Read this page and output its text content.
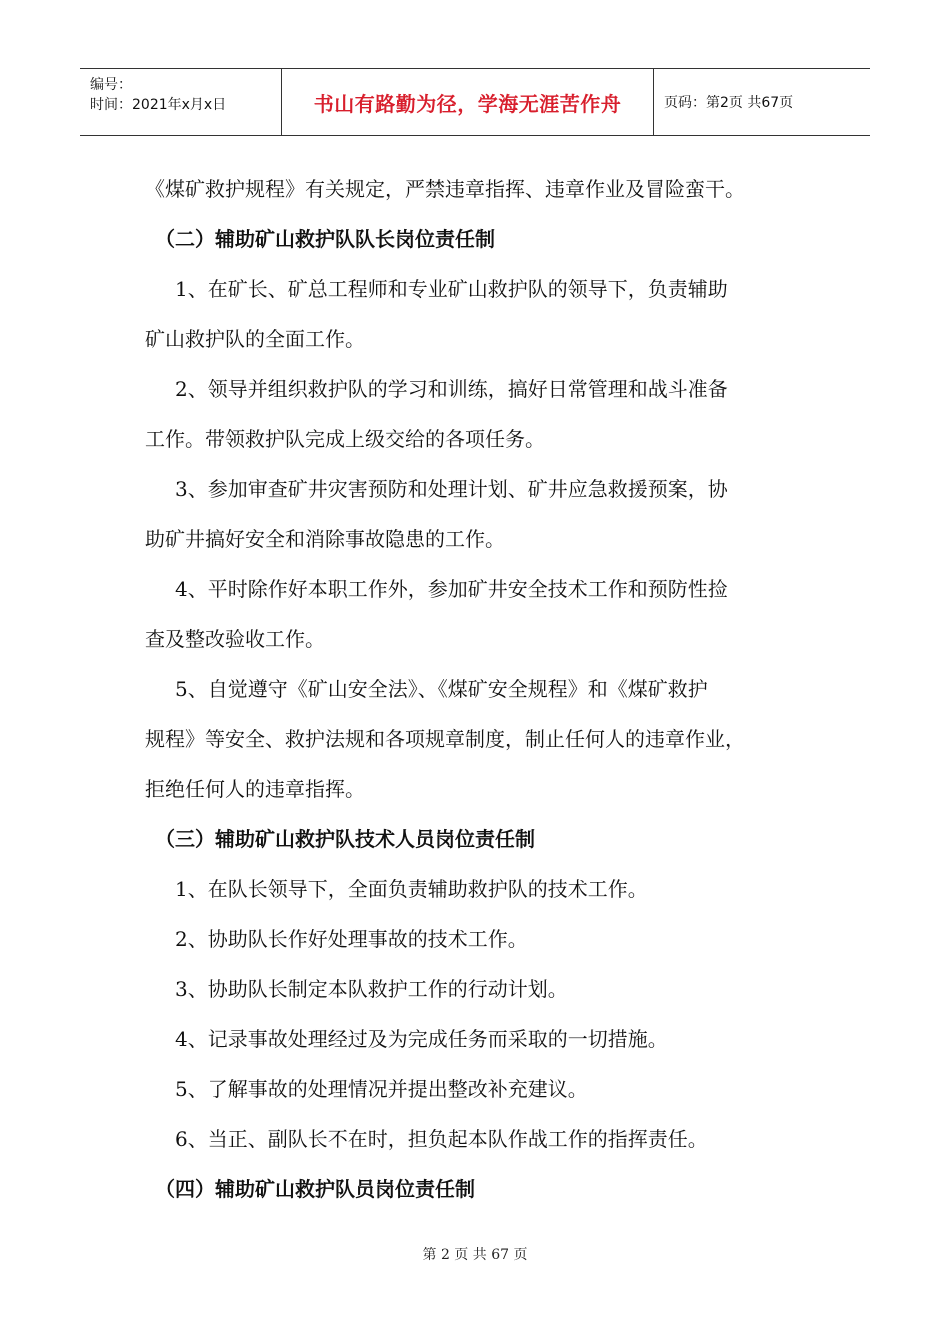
编号：
时间：2021年x月x日	书山有路勤为径，学海无涯苦作舟	页码：第2页 共67页
《煤矿救护规程》有关规定，严禁违章指挥、违章作业及冒险蛮干。
（二）辅助矿山救护队队长岗位责任制
1、在矿长、矿总工程师和专业矿山救护队的领导下，负责辅助
矿山救护队的全面工作。
2、领导并组织救护队的学习和训练，搞好日常管理和战斗准备
工作。带领救护队完成上级交给的各项任务。
3、参加审查矿井灾害预防和处理计划、矿井应急救援预案，协
助矿井搞好安全和消除事故隐患的工作。
4、平时除作好本职工作外，参加矿井安全技术工作和预防性捡
查及整改验收工作。
5、自觉遵守《矿山安全法》、《煤矿安全规程》和《煤矿救护
规程》等安全、救护法规和各项规章制度，制止任何人的违章作业，
拒绝任何人的违章指挥。
（三）辅助矿山救护队技术人员岗位责任制
1、在队长领导下，全面负责辅助救护队的技术工作。
2、协助队长作好处理事故的技术工作。
3、协助队长制定本队救护工作的行动计划。
4、记录事故处理经过及为完成任务而采取的一切措施。
5、了解事故的处理情况并提出整改补充建议。
6、当正、副队长不在时，担负起本队作战工作的指挥责任。
（四）辅助矿山救护队员岗位责任制
第 2 页 共 67 页
